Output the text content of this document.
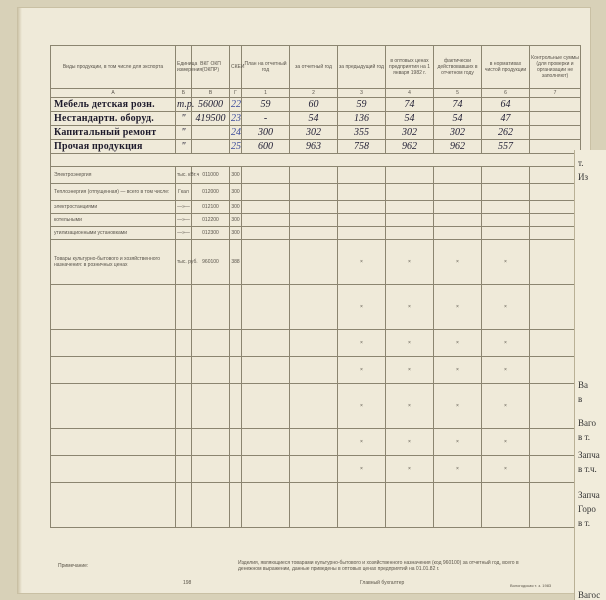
Виды продукции, в том числе для экспорта	Единица измерения	ВКГ ОКП (ОКПР)	СКЕИ	План на отчетный год	за отчетный год	за предыдущий год	в оптовых ценах предприятия на 1 января 1982 г.	фактически действовавших в отчетном году	в нормативах чистой продукции	Контрольные суммы (для проверки и организации не заполняют)
А	Б	В	Г	1	2	3	4	5	6	7
Мебель детская розн.	т.р.	56000	22	59	60	59	74	74	64	
Нестандартн. оборуд.	"	419500	23	-	54	136	54	54	47	
Капитальный ремонт	"		24	300	302	355	302	302	262	
Прочая продукция	"		25	600	963	758	962	962	557	

Электроэнергия	тыс. кВт.ч	011000	300							
Теплоэнергия (отпущенная) — всего в том числе:	Гкал	012000	300							
электростанциями	—»—	012100	300							
котельными	—»—	012200	300							
утилизационными установками	—»—	012300	300							
Товары культурно-бытового и хозяйственного назначения: в розничных ценах	тыс. руб.	960100	388			×	×	×	×	
						×	×	×	×	
						×	×	×	×	
						×	×	×	×	
						×	×	×	×	
						×	×	×	×	
						×	×	×	×	

Примечание:	Изделия, являющиеся товарами культурно-бытового и хозяйственного назначения (код 960100) за отчетный год, всего в денежном выражении, данные приведены в оптовых ценах предприятий на 01.01.82 г.
Главный бухгалтер
198	Вологодская т. з. 1983
т.
Из
Ва
в
Ваго
в т.
Запча
в т.ч.
Запча
Горо
в т.
Вагос
